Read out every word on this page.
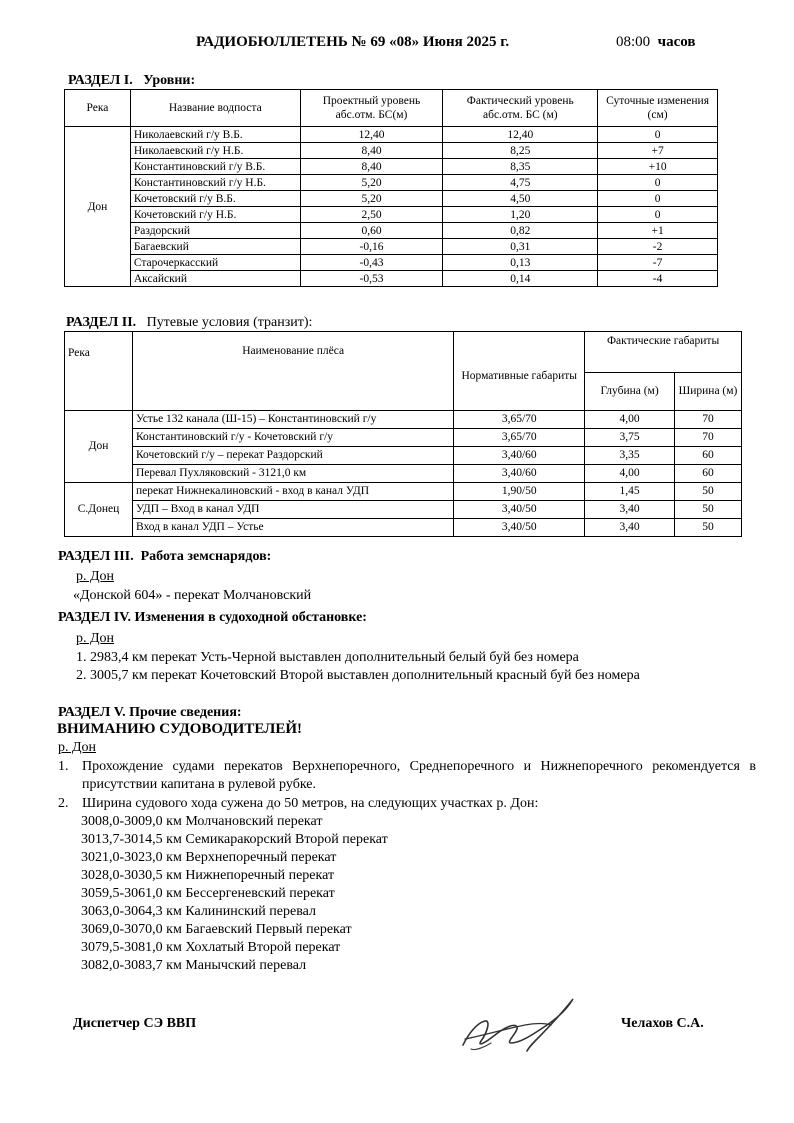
РАДИОБЮЛЛЕТЕНЬ № 69 «08» Июня 2025 г.	08:00 часов
РАЗДЕЛ I. Уровни:
Река	Название водпоста	Проектный уровень абс.отм. БС(м)	Фактический уровень абс.отм. БС (м)	Суточные изменения (см)
Дон	Николаевский г/у В.Б.	12,40	12,40	0
	Николаевский г/у Н.Б.	8,40	8,25	+7
	Константиновский г/у В.Б.	8,40	8,35	+10
	Константиновский г/у Н.Б.	5,20	4,75	0
	Кочетовский г/у В.Б.	5,20	4,50	0
	Кочетовский г/у Н.Б.	2,50	1,20	0
	Раздорский	0,60	0,82	+1
	Багаевский	-0,16	0,31	-2
	Старочеркасский	-0,43	0,13	-7
	Аксайский	-0,53	0,14	-4
РАЗДЕЛ II. Путевые условия (транзит):
Река	Наименование плёса	Нормативные габариты	Фактические габариты	
			Глубина (м)	Ширина (м)
Дон	Устье 132 канала (Ш-15) – Константиновский г/у	3,65/70	4,00	70
	Константиновский г/у - Кочетовский г/у	3,65/70	3,75	70
	Кочетовский г/у – перекат Раздорский	3,40/60	3,35	60
	Перевал Пухляковский - 3121,0 км	3,40/60	4,00	60
С.Донец	перекат Нижнекалиновский - вход в канал УДП	1,90/50	1,45	50
	УДП – Вход в канал УДП	3,40/50	3,40	50
	Вход в канал УДП – Устье	3,40/50	3,40	50
РАЗДЕЛ III. Работа земснарядов:
р. Дон
«Донской 604» - перекат Молчановский
РАЗДЕЛ IV. Изменения в судоходной обстановке:
р. Дон
1. 2983,4 км перекат Усть-Черной выставлен дополнительный белый буй без номера
2. 3005,7 км перекат Кочетовский Второй выставлен дополнительный красный буй без номера
РАЗДЕЛ V. Прочие сведения:
ВНИМАНИЮ СУДОВОДИТЕЛЕЙ!
р. Дон
1. Прохождение судами перекатов Верхнепоречного, Среднепоречного и Нижнепоречного рекомендуется в присутствии капитана в рулевой рубке.
2. Ширина судового хода сужена до 50 метров, на следующих участках р. Дон:
3008,0-3009,0 км Молчановский перекат
3013,7-3014,5 км Семикаракорский Второй перекат
3021,0-3023,0 км Верхнепоречный перекат
3028,0-3030,5 км Нижнепоречный перекат
3059,5-3061,0 км Бессергеневский перекат
3063,0-3064,3 км Калининский перевал
3069,0-3070,0 км Багаевский Первый перекат
3079,5-3081,0 км Хохлатый Второй перекат
3082,0-3083,7 км Манычский перевал
Диспетчер СЭ ВВП	Челахов С.А.
